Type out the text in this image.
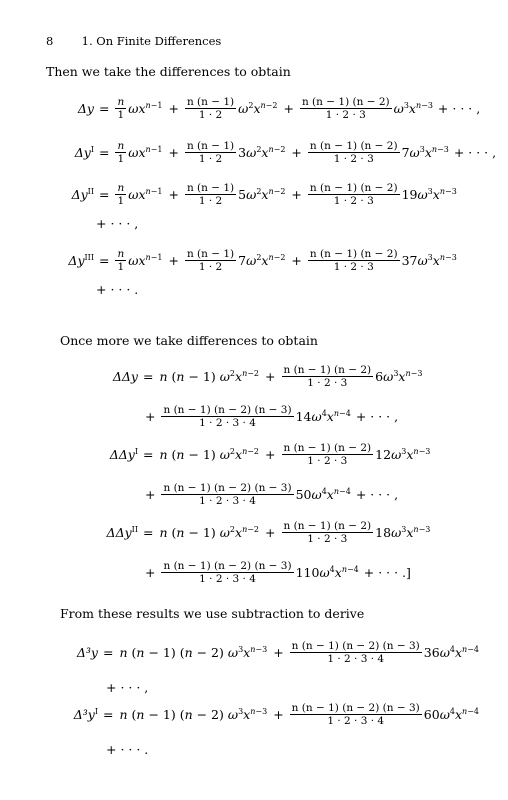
8 1. On Finite Differences
Then we take the differences to obtain
$\Delta y = \frac{n}{1} \omega x^{n-1} + \frac{n (n - 1)}{1 \cdot 2} \omega^2x^{n-2} + \frac{n (n - 1) (n - 2)}{1 \cdot 2 \cdot 3} \omega^3x^{n-3}$ + · · · ,
$\Delta y^I = \frac{n}{1} \omega x^{n-1} + \frac{n (n - 1)}{1 \cdot 2} 3\omega^2x^{n-2} + \frac{n (n - 1) (n - 2)}{1 \cdot 2 \cdot 3} 7\omega^3x^{n-3}$ + · · · ,
$\Delta y^{II} = \frac{n}{1} \omega x^{n-1} + \frac{n (n - 1)}{1 \cdot 2} 5\omega^2x^{n-2} + \frac{n (n - 1) (n - 2)}{1 \cdot 2 \cdot 3} 19\omega^3x^{n-3}$
+ · · · ,
$\Delta y^{III} = \frac{n}{1} \omega x^{n-1} + \frac{n (n - 1)}{1 \cdot 2} 7\omega^2x^{n-2} + \frac{n (n - 1) (n - 2)}{1 \cdot 2 \cdot 3} 37\omega^3x^{n-3}$
+ · · · .
Once more we take differences to obtain
ΔΔy = n (n − 1) $\omega^2x^{n-2} + \frac{n (n - 1) (n - 2)}{1 \cdot 2 \cdot 3} 6\omega^3x^{n-3}$
+ $\frac{n (n - 1) (n - 2) (n - 3)}{1 \cdot 2 \cdot 3 \cdot 4} 14\omega^4x^{n-4}$ + · · · ,
ΔΔy$^I$ = n (n − 1) $\omega^2x^{n-2} + \frac{n (n - 1) (n - 2)}{1 \cdot 2 \cdot 3} 12\omega^3x^{n-3}$
+ $\frac{n (n - 1) (n - 2) (n - 3)}{1 \cdot 2 \cdot 3 \cdot 4} 50\omega^4x^{n-4}$ + · · · ,
ΔΔy$^{II}$ = n (n − 1) $\omega^2x^{n-2} + \frac{n (n - 1) (n - 2)}{1 \cdot 2 \cdot 3} 18\omega^3x^{n-3}$
+ $\frac{n (n - 1) (n - 2) (n - 3)}{1 \cdot 2 \cdot 3 \cdot 4} 110\omega^4x^{n-4}$ + · · · .]
From these results we use subtraction to derive
Δ³y = n (n − 1) (n − 2) $\omega^3x^{n-3} + \frac{n (n - 1) (n - 2) (n - 3)}{1 \cdot 2 \cdot 3 \cdot 4} 36\omega^4x^{n-4}$
+ · · · ,
$\Delta^3y^I = n$ (n − 1) (n − 2) $\omega^3x^{n-3} + \frac{n (n - 1) (n - 2) (n - 3)}{1 \cdot 2 \cdot 3 \cdot 4} 60\omega^4x^{n-4}$
+ · · · .
